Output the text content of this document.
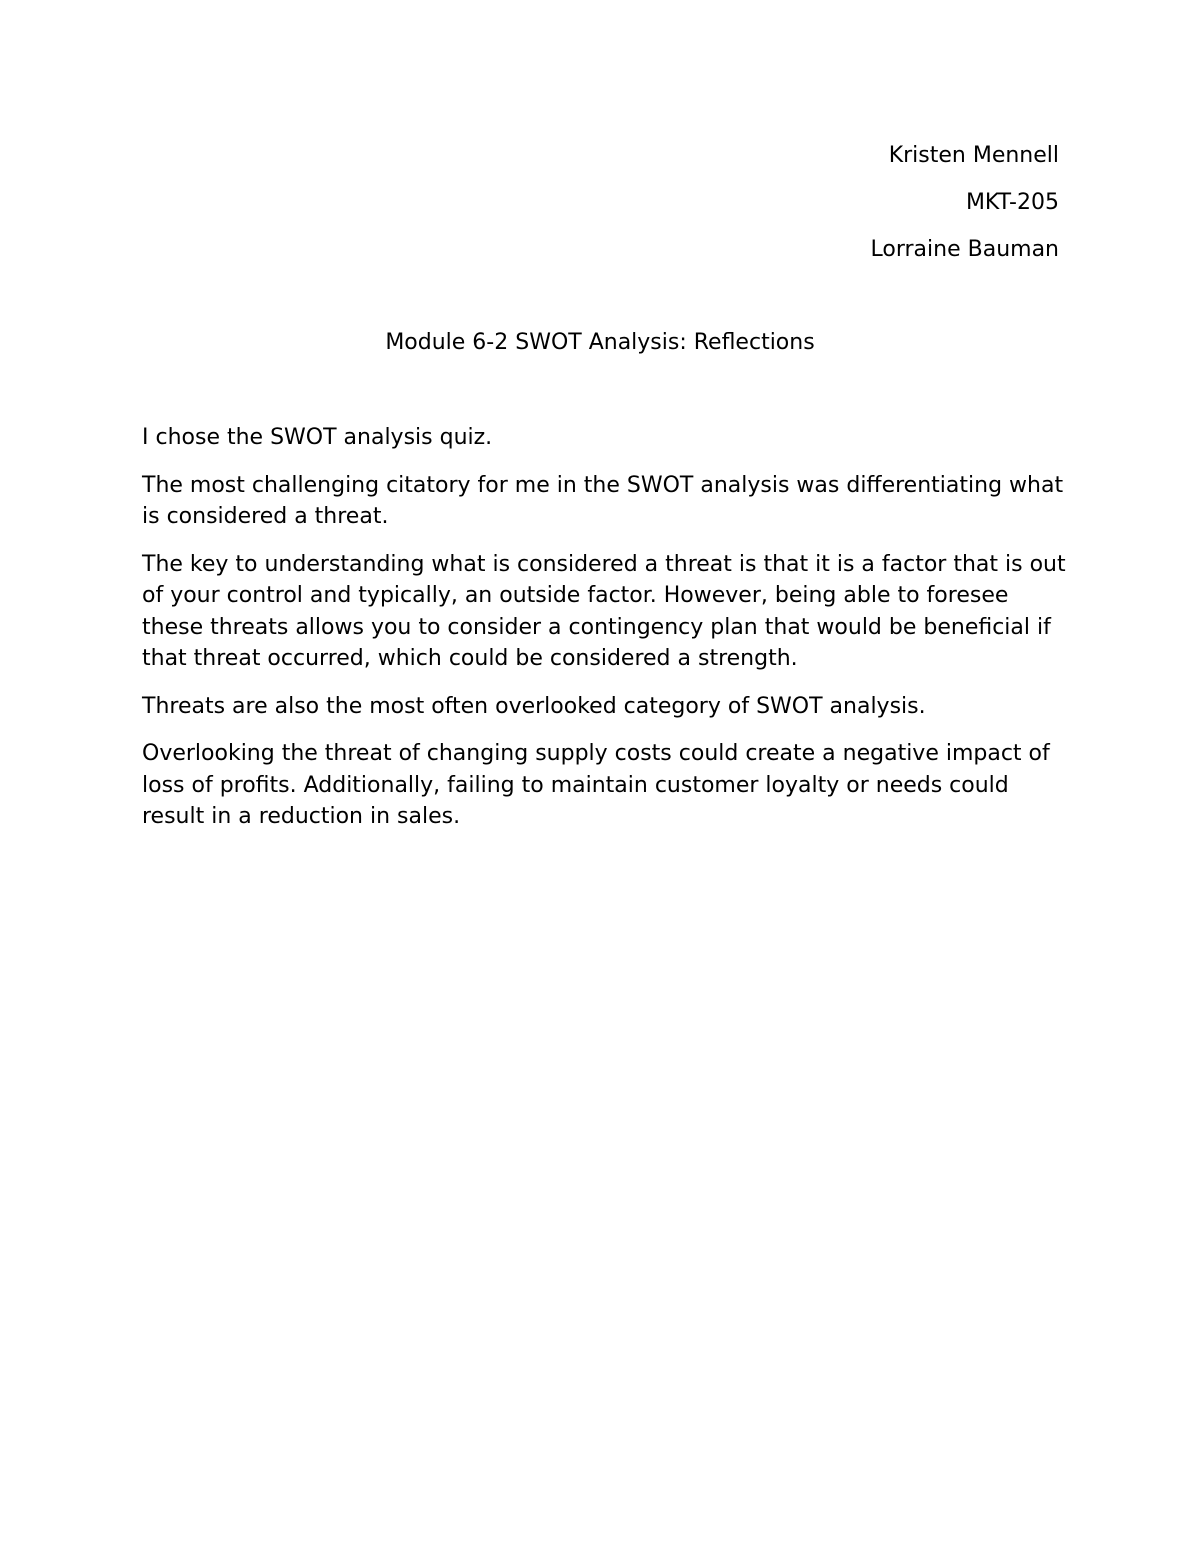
Kristen Mennell
MKT-205
Lorraine Bauman
Module 6-2 SWOT Analysis: Reflections

I chose the SWOT analysis quiz.

The most challenging citatory for me in the SWOT analysis was differentiating what is considered a threat.

The key to understanding what is considered a threat is that it is a factor that is out of your control and typically, an outside factor. However, being able to foresee these threats allows you to consider a contingency plan that would be beneficial if that threat occurred, which could be considered a strength.

Threats are also the most often overlooked category of SWOT analysis.

Overlooking the threat of changing supply costs could create a negative impact of loss of profits. Additionally, failing to maintain customer loyalty or needs could result in a reduction in sales.
